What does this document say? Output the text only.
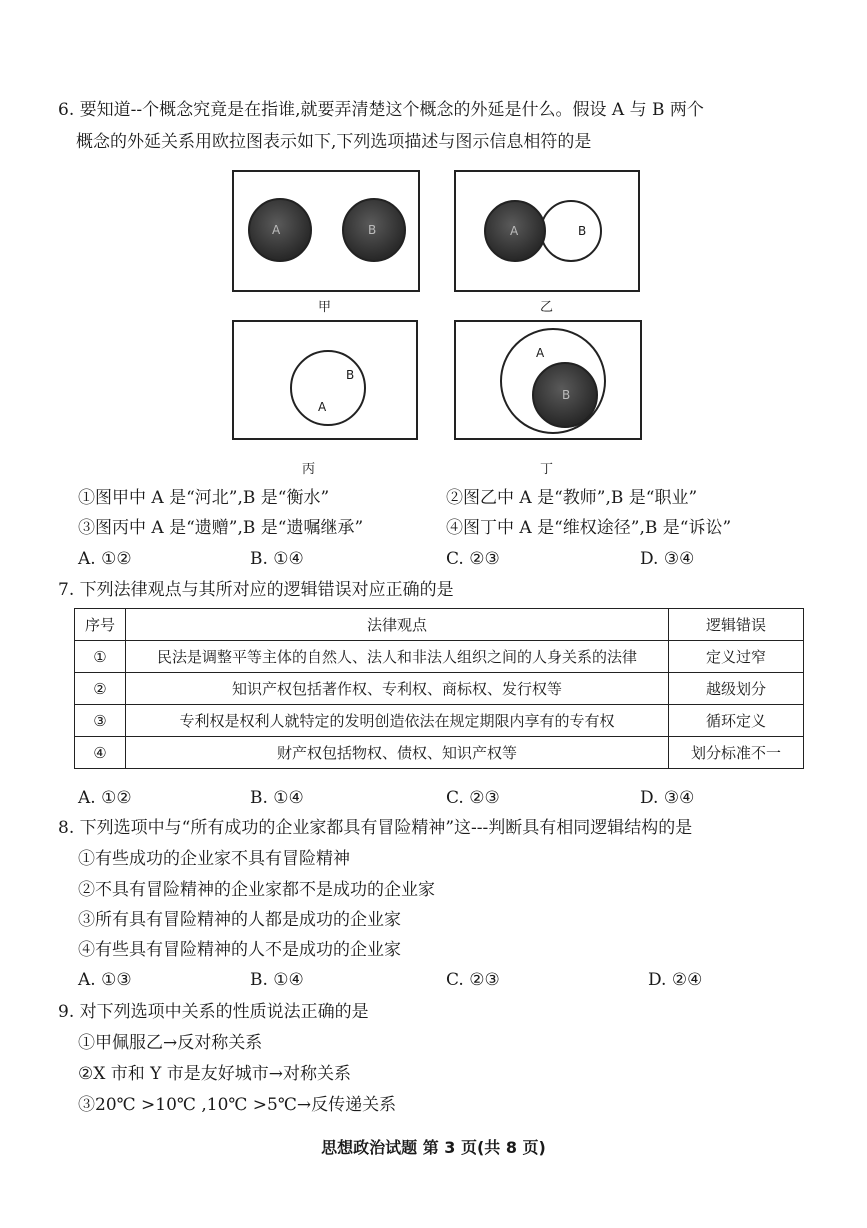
6. 要知道--个概念究竟是在指谁,就要弄清楚这个概念的外延是什么。假设 A 与 B 两个
概念的外延关系用欧拉图表示如下,下列选项描述与图示信息相符的是
A	B
甲
B
A
乙
B
A
丙
A
B
丁
①图甲中 A 是“河北”,B 是“衡水”	②图乙中 A 是“教师”,B 是“职业”
③图丙中 A 是“遗赠”,B 是“遗嘱继承”	④图丁中 A 是“维权途径”,B 是“诉讼”
A. ①②	B. ①④	C. ②③	D. ③④
7. 下列法律观点与其所对应的逻辑错误对应正确的是
序号	法律观点	逻辑错误
①	民法是调整平等主体的自然人、法人和非法人组织之间的人身关系的法律	定义过窄
②	知识产权包括著作权、专利权、商标权、发行权等	越级划分
③	专利权是权利人就特定的发明创造依法在规定期限内享有的专有权	循环定义
④	财产权包括物权、债权、知识产权等	划分标准不一
A. ①②	B. ①④	C. ②③	D. ③④
8. 下列选项中与“所有成功的企业家都具有冒险精神”这---判断具有相同逻辑结构的是
①有些成功的企业家不具有冒险精神
②不具有冒险精神的企业家都不是成功的企业家
③所有具有冒险精神的人都是成功的企业家
④有些具有冒险精神的人不是成功的企业家
A. ①③	B. ①④	C. ②③	D. ②④
9. 对下列选项中关系的性质说法正确的是
①甲佩服乙→反对称关系
②X 市和 Y 市是友好城市→对称关系
③20℃ >10℃ ,10℃ >5℃→反传递关系
思想政治试题 第 3 页(共 8 页)
